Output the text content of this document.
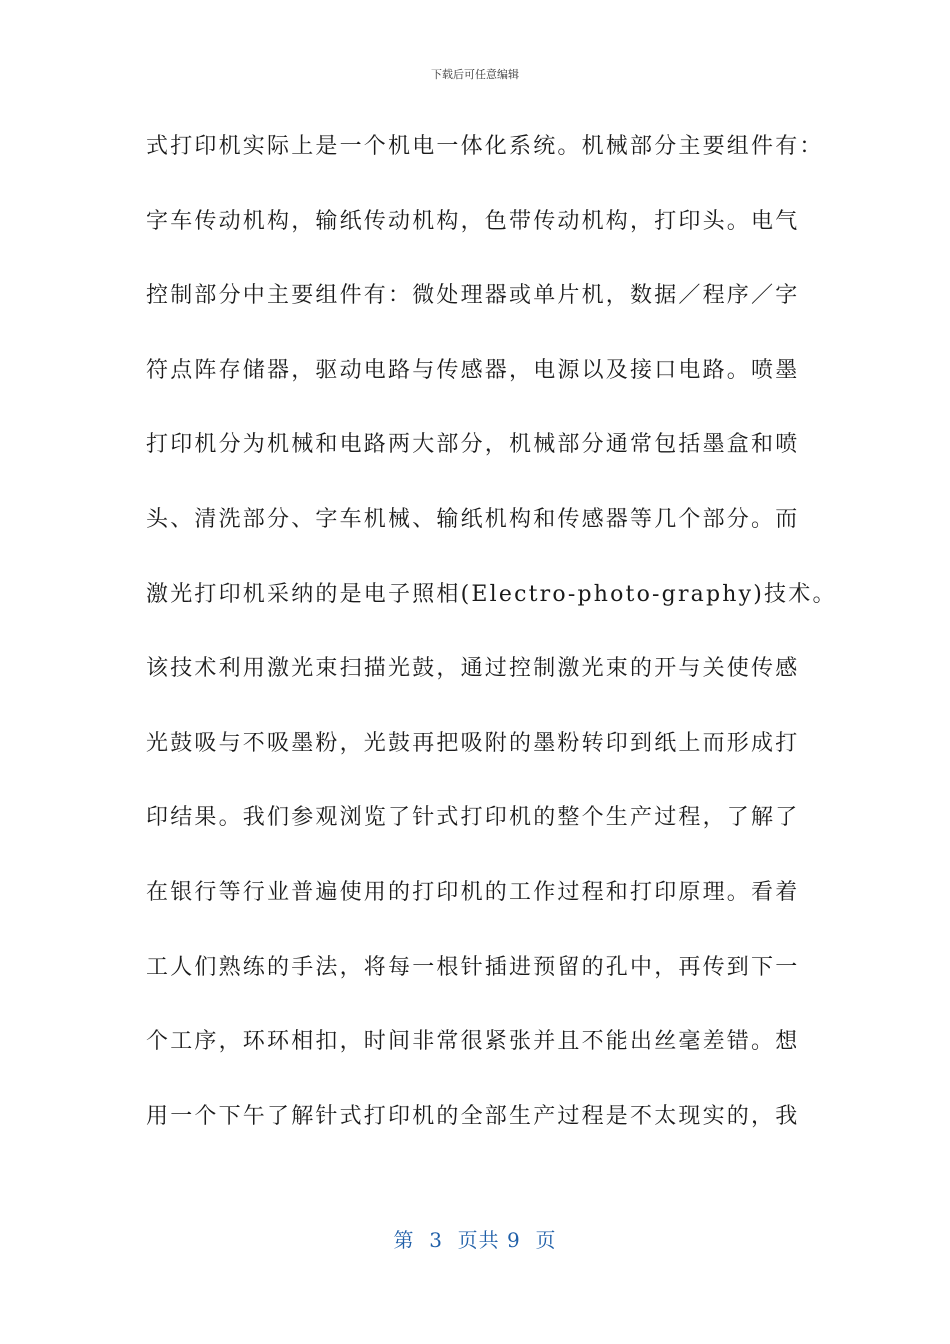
下载后可任意编辑
式打印机实际上是一个机电一体化系统。机械部分主要组件有：
字车传动机构，输纸传动机构，色带传动机构，打印头。电气
控制部分中主要组件有：微处理器或单片机，数据／程序／字
符点阵存储器，驱动电路与传感器，电源以及接口电路。喷墨
打印机分为机械和电路两大部分，机械部分通常包括墨盒和喷
头、清洗部分、字车机械、输纸机构和传感器等几个部分。而
激光打印机采纳的是电子照相(Electro-photo-graphy)技术。
该技术利用激光束扫描光鼓，通过控制激光束的开与关使传感
光鼓吸与不吸墨粉，光鼓再把吸附的墨粉转印到纸上而形成打
印结果。我们参观浏览了针式打印机的整个生产过程，了解了
在银行等行业普遍使用的打印机的工作过程和打印原理。看着
工人们熟练的手法，将每一根针插进预留的孔中，再传到下一
个工序，环环相扣，时间非常很紧张并且不能出丝毫差错。想
用一个下午了解针式打印机的全部生产过程是不太现实的，我
第  3  页共 9  页
